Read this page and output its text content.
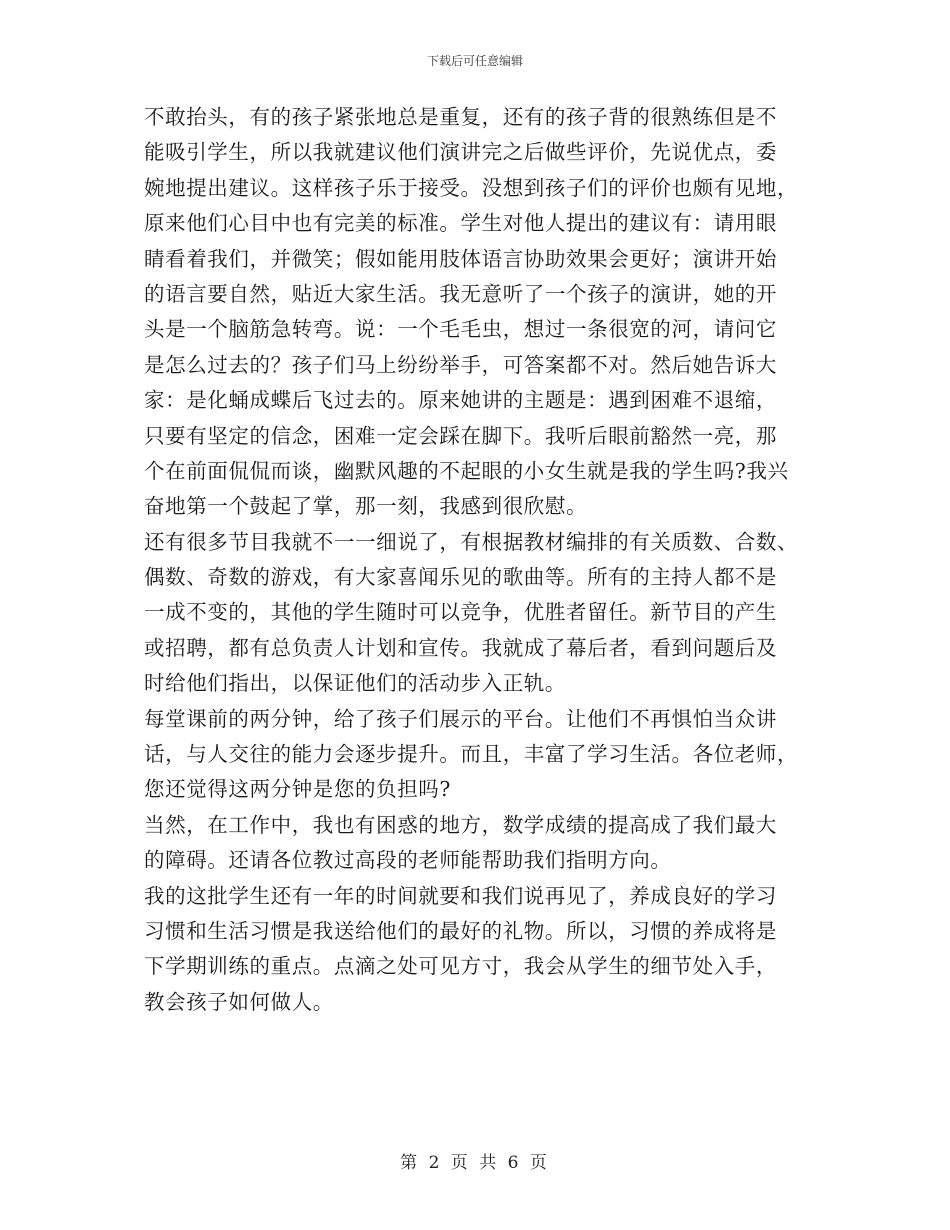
下载后可任意编辑
不敢抬头，有的孩子紧张地总是重复，还有的孩子背的很熟练但是不
能吸引学生，所以我就建议他们演讲完之后做些评价，先说优点，委
婉地提出建议。这样孩子乐于接受。没想到孩子们的评价也颇有见地，
原来他们心目中也有完美的标准。学生对他人提出的建议有：请用眼
睛看着我们，并微笑；假如能用肢体语言协助效果会更好；演讲开始
的语言要自然，贴近大家生活。我无意听了一个孩子的演讲，她的开
头是一个脑筋急转弯。说：一个毛毛虫，想过一条很宽的河，请问它
是怎么过去的？孩子们马上纷纷举手，可答案都不对。然后她告诉大
家：是化蛹成蝶后飞过去的。原来她讲的主题是：遇到困难不退缩，
只要有坚定的信念，困难一定会踩在脚下。我听后眼前豁然一亮，那
个在前面侃侃而谈，幽默风趣的不起眼的小女生就是我的学生吗?我兴
奋地第一个鼓起了掌，那一刻，我感到很欣慰。
还有很多节目我就不一一细说了，有根据教材编排的有关质数、合数、
偶数、奇数的游戏，有大家喜闻乐见的歌曲等。所有的主持人都不是
一成不变的，其他的学生随时可以竞争，优胜者留任。新节目的产生
或招聘，都有总负责人计划和宣传。我就成了幕后者，看到问题后及
时给他们指出，以保证他们的活动步入正轨。
每堂课前的两分钟，给了孩子们展示的平台。让他们不再惧怕当众讲
话，与人交往的能力会逐步提升。而且，丰富了学习生活。各位老师，
您还觉得这两分钟是您的负担吗?
当然，在工作中，我也有困惑的地方，数学成绩的提高成了我们最大
的障碍。还请各位教过高段的老师能帮助我们指明方向。
我的这批学生还有一年的时间就要和我们说再见了，养成良好的学习
习惯和生活习惯是我送给他们的最好的礼物。所以，习惯的养成将是
下学期训练的重点。点滴之处可见方寸，我会从学生的细节处入手，
教会孩子如何做人。
第 2 页 共 6 页
